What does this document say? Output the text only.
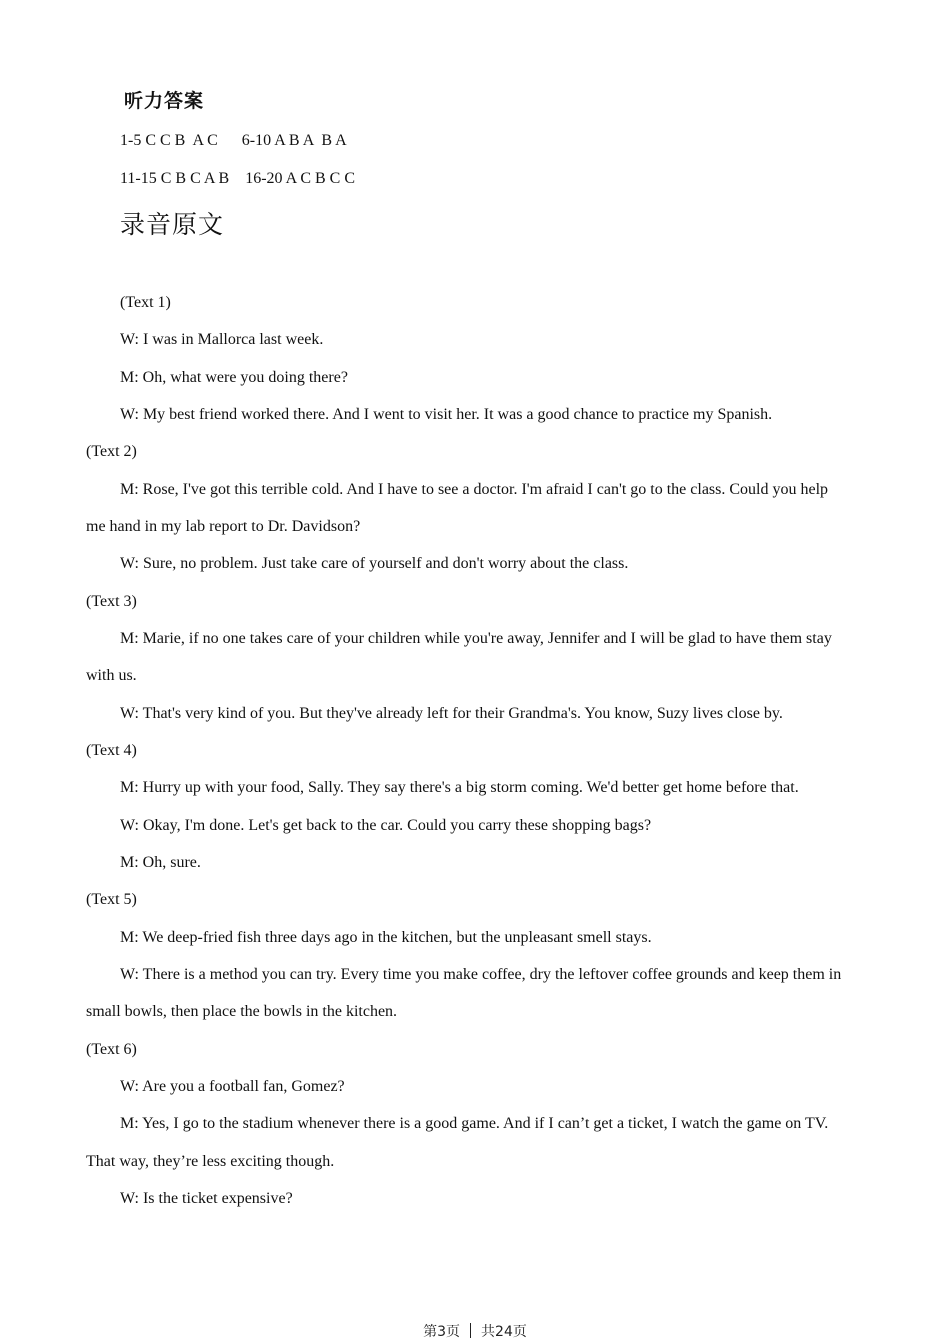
听力答案
1-5 C C B  A C      6-10 A B A  B A
11-15 C B C A B    16-20 A C B C C
录音原文
(Text 1)
W: I was in Mallorca last week.
M: Oh, what were you doing there?
W: My best friend worked there. And I went to visit her. It was a good chance to practice my Spanish.
(Text 2)
M: Rose, I've got this terrible cold. And I have to see a doctor. I'm afraid I can't go to the class. Could you help
me hand in my lab report to Dr. Davidson?
W: Sure, no problem. Just take care of yourself and don't worry about the class.
(Text 3)
M: Marie, if no one takes care of your children while you're away, Jennifer and I will be glad to have them stay
with us.
W: That's very kind of you. But they've already left for their Grandma's. You know, Suzy lives close by.
(Text 4)
M: Hurry up with your food, Sally. They say there's a big storm coming. We'd better get home before that.
W: Okay, I'm done. Let's get back to the car. Could you carry these shopping bags?
M: Oh, sure.
(Text 5)
M: We deep-fried fish three days ago in the kitchen, but the unpleasant smell stays.
W: There is a method you can try. Every time you make coffee, dry the leftover coffee grounds and keep them in
small bowls, then place the bowls in the kitchen.
(Text 6)
W: Are you a football fan, Gomez?
M: Yes, I go to the stadium whenever there is a good game. And if I can’t get a ticket, I watch the game on TV.
That way, they’re less exciting though.
W: Is the ticket expensive?
第3页 共24页
